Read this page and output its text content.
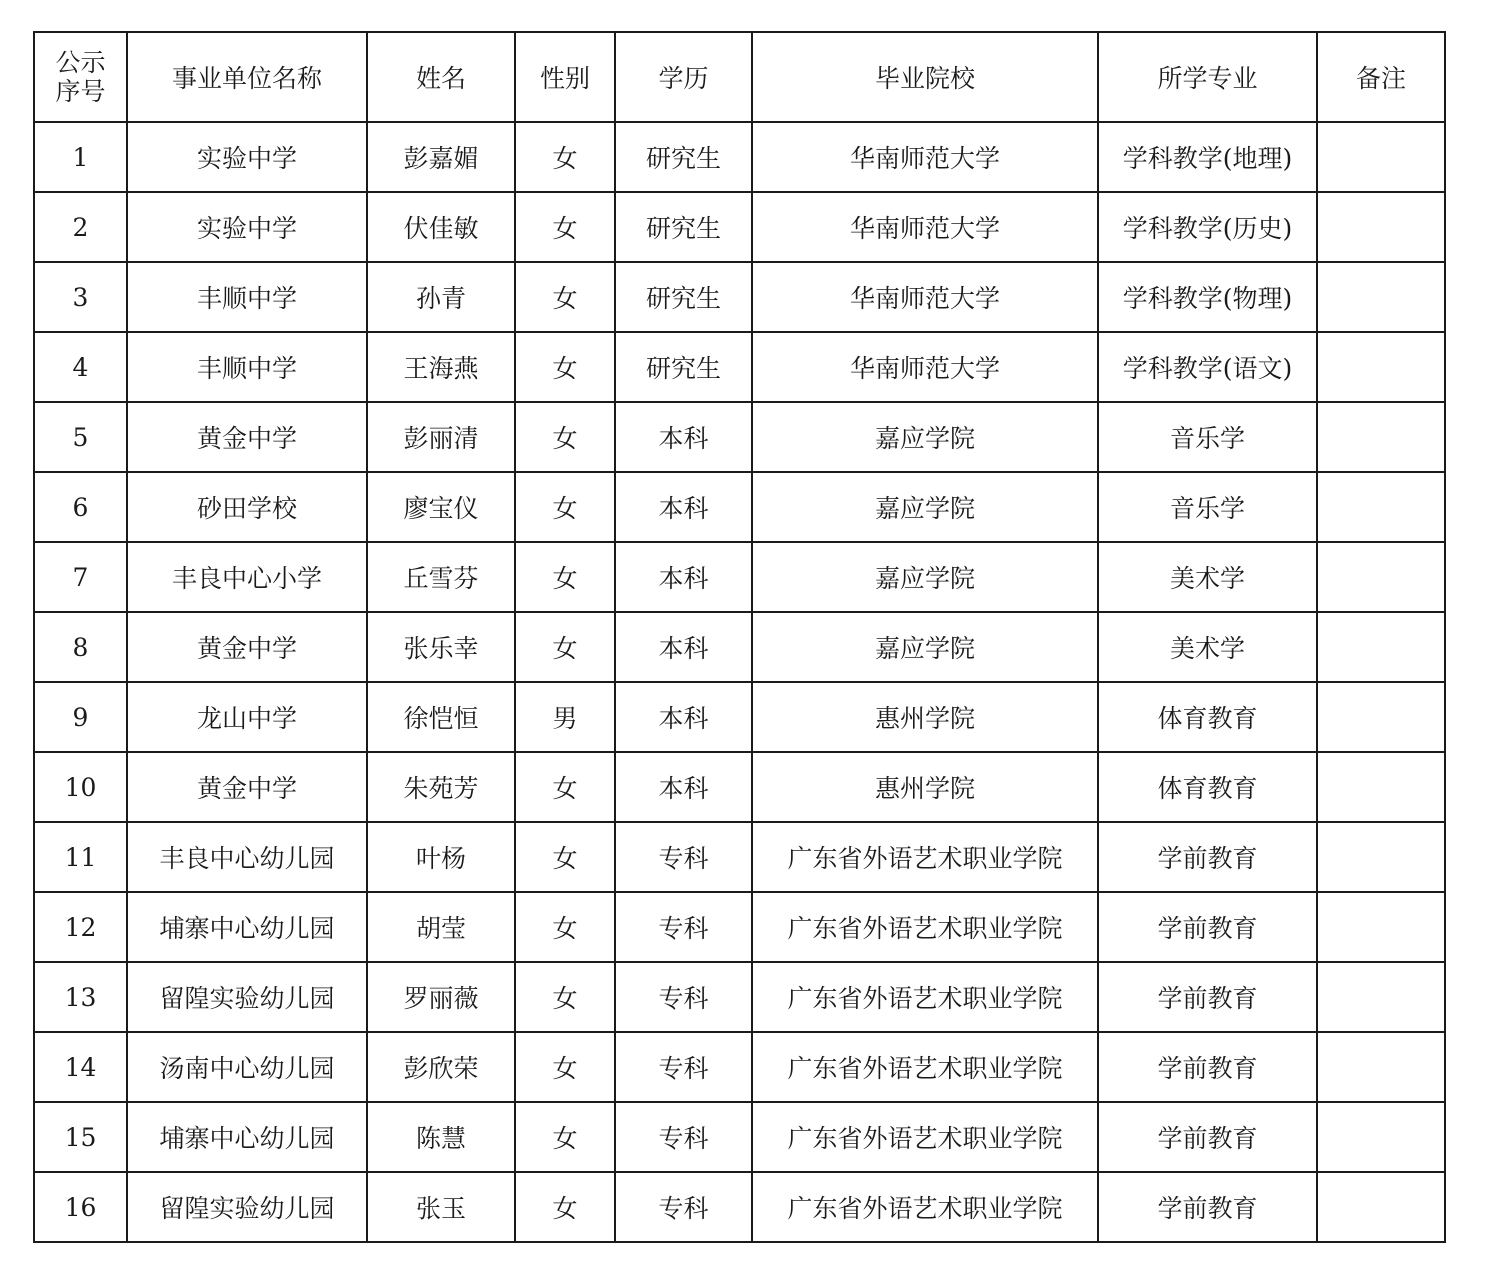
公示
序号	事业单位名称	姓名	性别	学历	毕业院校	所学专业	备注
1	实验中学	彭嘉媚	女	研究生	华南师范大学	学科教学(地理)	
2	实验中学	伏佳敏	女	研究生	华南师范大学	学科教学(历史)	
3	丰顺中学	孙青	女	研究生	华南师范大学	学科教学(物理)	
4	丰顺中学	王海燕	女	研究生	华南师范大学	学科教学(语文)	
5	黄金中学	彭丽清	女	本科	嘉应学院	音乐学	
6	砂田学校	廖宝仪	女	本科	嘉应学院	音乐学	
7	丰良中心小学	丘雪芬	女	本科	嘉应学院	美术学	
8	黄金中学	张乐幸	女	本科	嘉应学院	美术学	
9	龙山中学	徐恺恒	男	本科	惠州学院	体育教育	
10	黄金中学	朱苑芳	女	本科	惠州学院	体育教育	
11	丰良中心幼儿园	叶杨	女	专科	广东省外语艺术职业学院	学前教育	
12	埔寨中心幼儿园	胡莹	女	专科	广东省外语艺术职业学院	学前教育	
13	留隍实验幼儿园	罗丽薇	女	专科	广东省外语艺术职业学院	学前教育	
14	汤南中心幼儿园	彭欣荣	女	专科	广东省外语艺术职业学院	学前教育	
15	埔寨中心幼儿园	陈慧	女	专科	广东省外语艺术职业学院	学前教育	
16	留隍实验幼儿园	张玉	女	专科	广东省外语艺术职业学院	学前教育	
